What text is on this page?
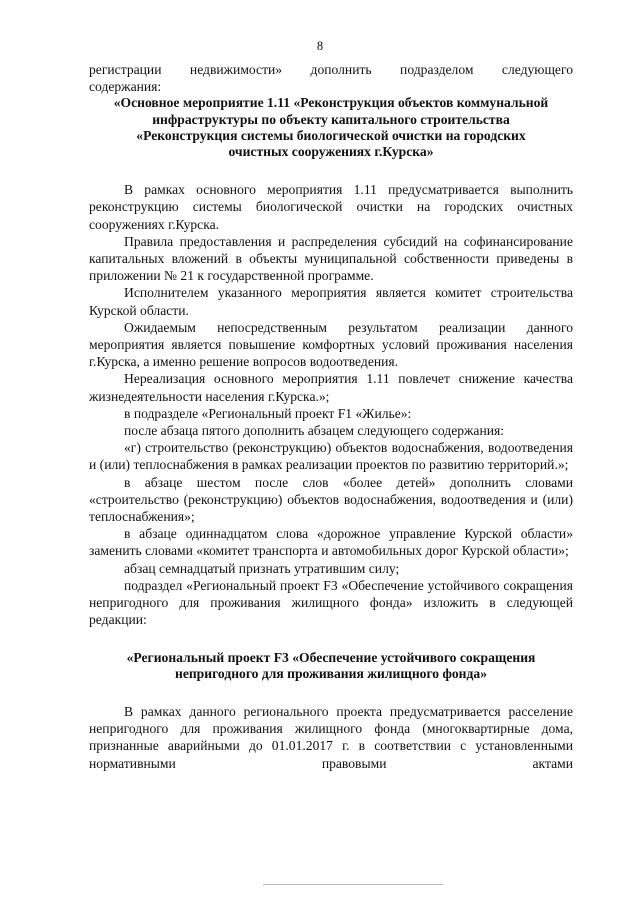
8

регистрации недвижимости» дополнить подразделом следующего

содержания:

«Основное мероприятие 1.11 «Реконструкция объектов коммунальной
инфраструктуры по объекту капитального строительства
«Реконструкция системы биологической очистки на городских
очистных сооружениях г.Курска»

В рамках основного мероприятия 1.11 предусматривается выполнить реконструкцию системы биологической очистки на городских очистных сооружениях г.Курска.

Правила предоставления и распределения субсидий на софинансирование капитальных вложений в объекты муниципальной собственности приведены в приложении № 21 к государственной программе.

Исполнителем указанного мероприятия является комитет строительства Курской области.

Ожидаемым непосредственным результатом реализации данного мероприятия является повышение комфортных условий проживания населения г.Курска, а именно решение вопросов водоотведения.

Нереализация основного мероприятия 1.11 повлечет снижение качества жизнедеятельности населения г.Курска.»;

в подразделе «Региональный проект F1 «Жилье»:

после абзаца пятого дополнить абзацем следующего содержания:

«г) строительство (реконструкцию) объектов водоснабжения, водоотведения и (или) теплоснабжения в рамках реализации проектов по развитию территорий.»;

в абзаце шестом после слов «более детей» дополнить словами «строительство (реконструкцию) объектов водоснабжения, водоотведения и (или) теплоснабжения»;

в абзаце одиннадцатом слова «дорожное управление Курской области» заменить словами «комитет транспорта и автомобильных дорог Курской области»;

абзац семнадцатый признать утратившим силу;

подраздел «Региональный проект F3 «Обеспечение устойчивого сокращения непригодного для проживания жилищного фонда» изложить в следующей редакции:

«Региональный проект F3 «Обеспечение устойчивого сокращения
непригодного для проживания жилищного фонда»

В рамках данного регионального проекта предусматривается расселение непригодного для проживания жилищного фонда (многоквартирные дома, признанные аварийными до 01.01.2017 г. в соответствии с установленными нормативными правовыми актами
